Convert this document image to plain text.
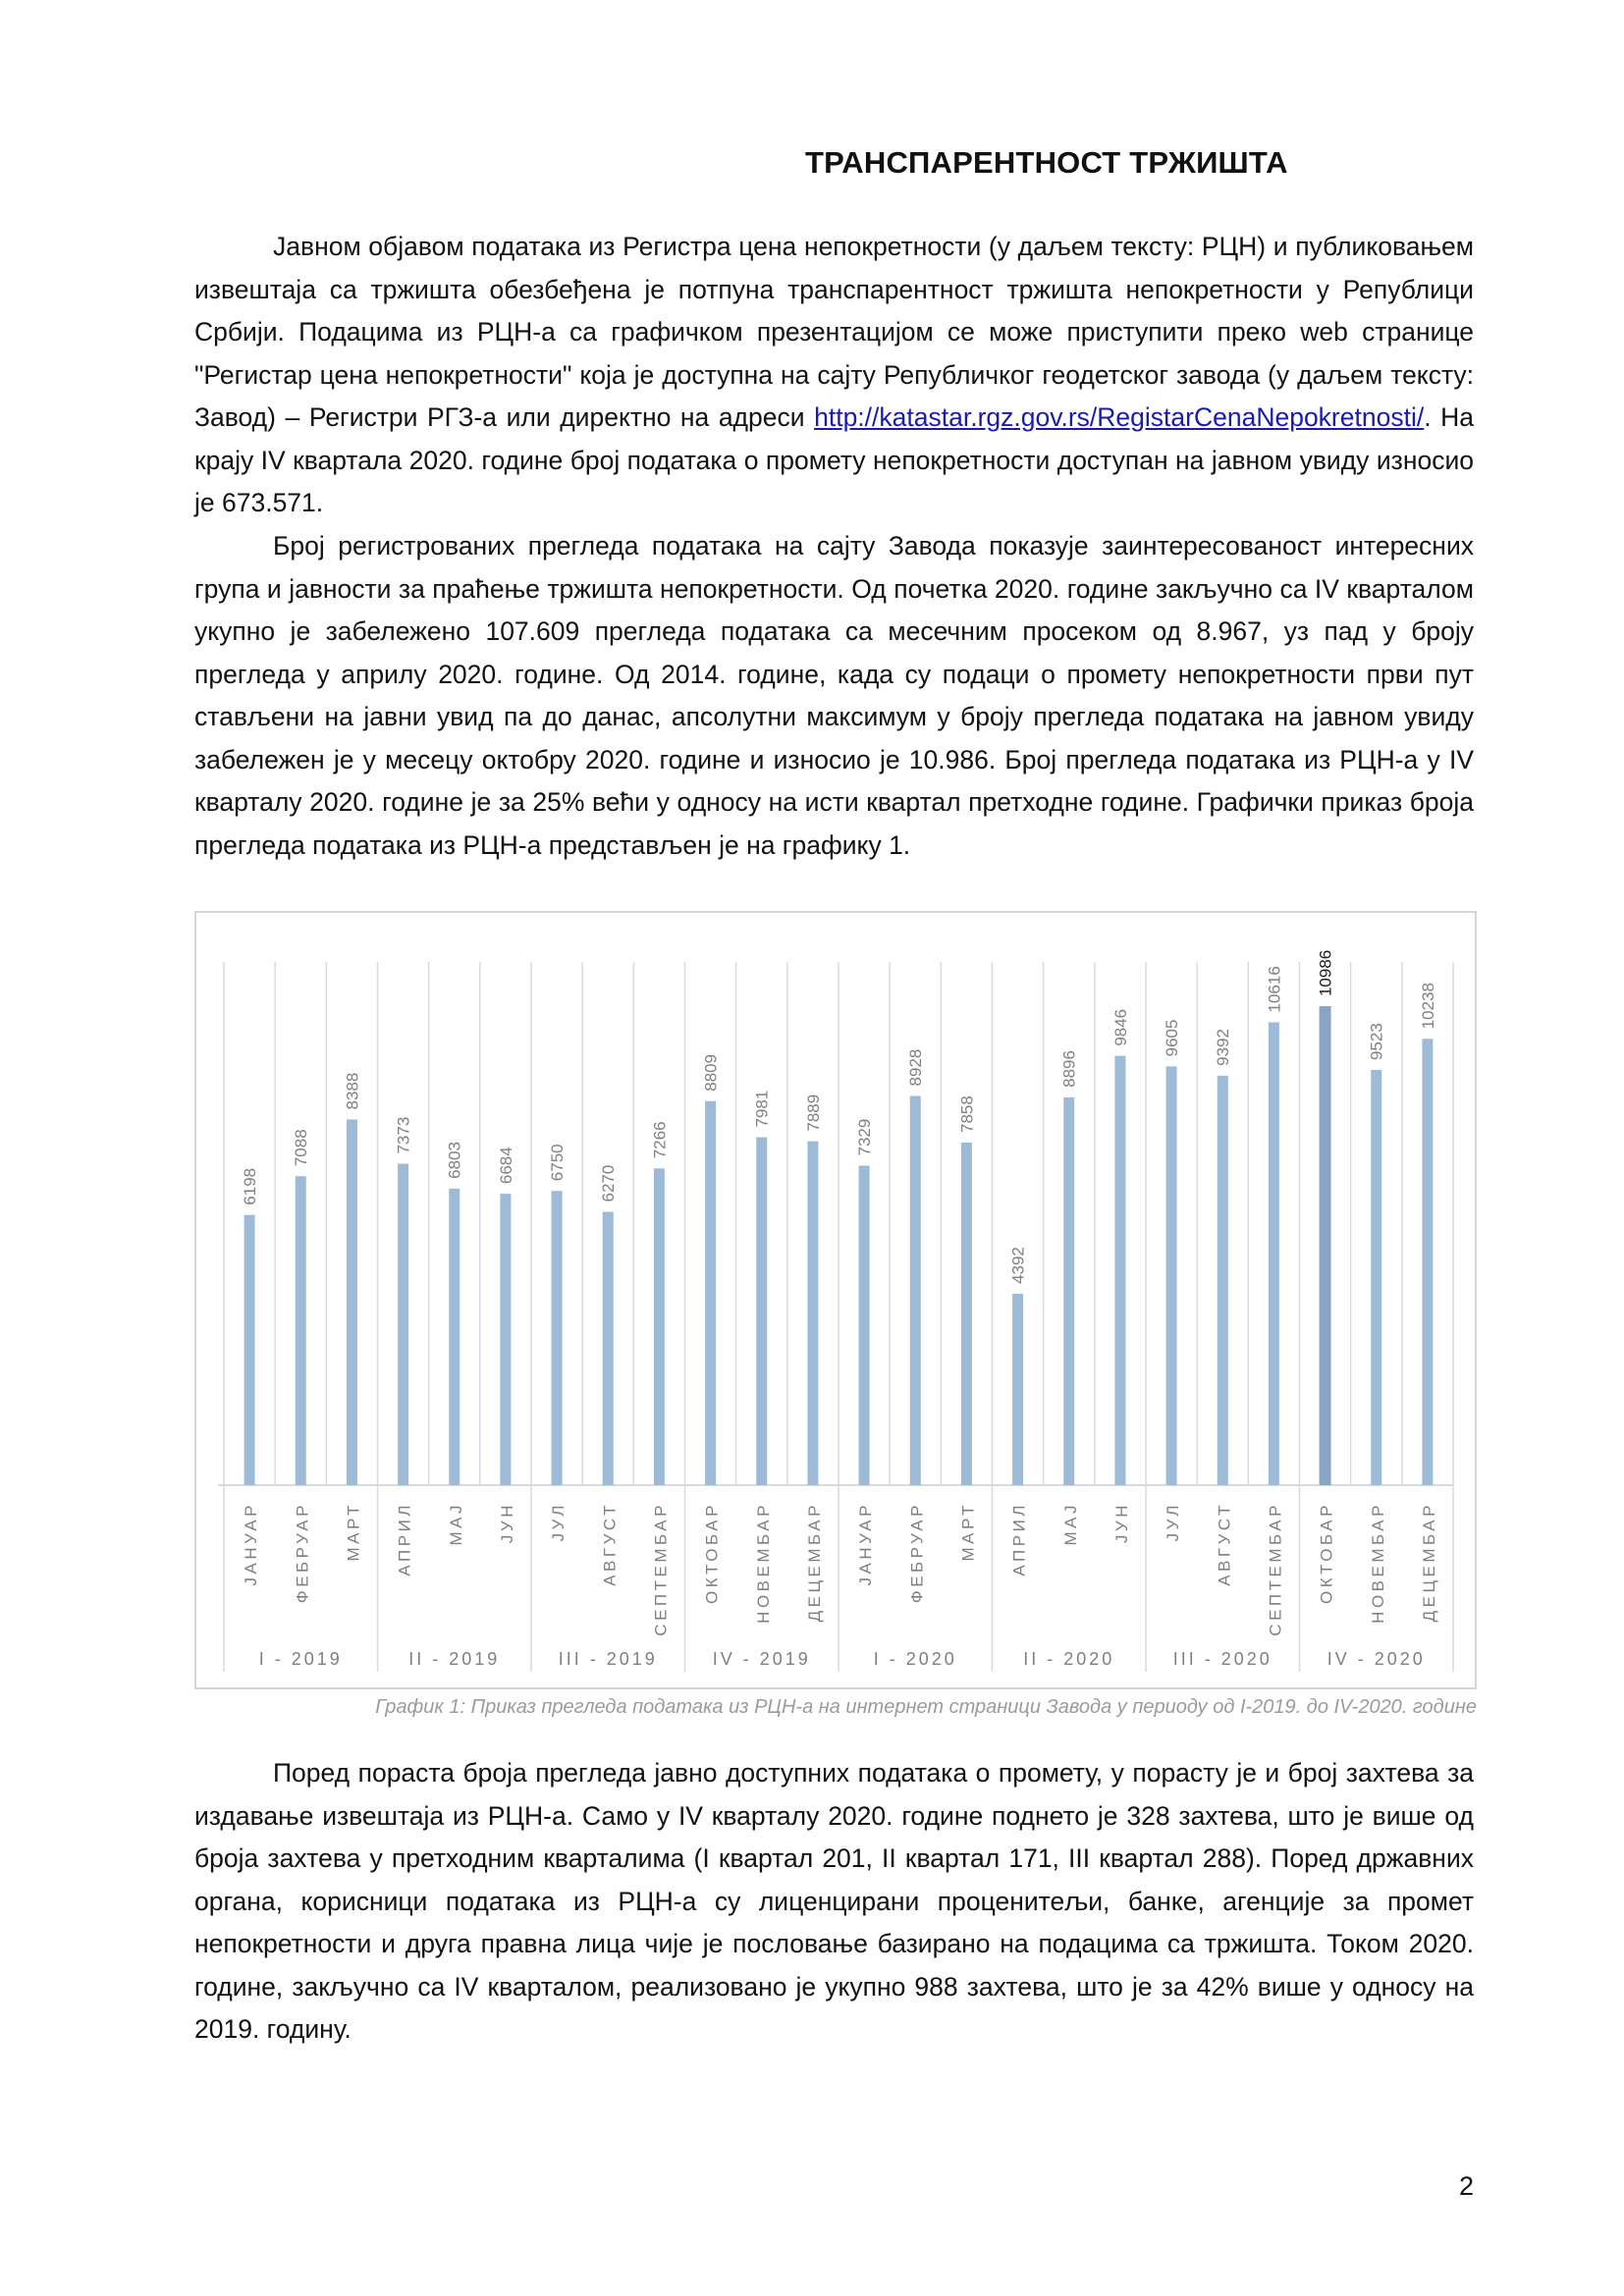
ТРАНСПАРЕНТНОСТ ТРЖИШТА

Јавном објавом података из Регистра цена непокретности (у даљем тексту: РЦН) и публиковањем извештаја са тржишта обезбеђена је потпуна транспарентност тржишта непокретности у Републици Србији. Подацима из РЦН-а са графичком презентацијом се може приступити преко web странице "Регистар цена непокретности" која је доступна на сајту Републичког геодетског завода (у даљем тексту: Завод) – Регистри РГЗ-а или директно на адреси http://katastar.rgz.gov.rs/RegistarCenaNepokretnosti/. На крају IV квартала 2020. године број података о промету непокретности доступан на јавном увиду износио је 673.571.

Број регистрованих прегледа података на сајту Завода показује заинтересованост интересних група и јавности за праћење тржишта непокретности. Од почетка 2020. године закључно са IV кварталом укупно је забележено 107.609 прегледа података са месечним просеком од 8.967, уз пад у броју прегледа у априлу 2020. године. Од 2014. године, када су подаци о промету непокретности први пут стављени на јавни увид па до данас, апсолутни максимум у броју прегледа података на јавном увиду забележен је у месецу октобру 2020. године и износио је 10.986. Број прегледа података из РЦН-а у IV кварталу 2020. године је за 25% већи у односу на исти квартал претходне године. Графички приказ броја прегледа података из РЦН-а представљен је на графику 1.

6198
ЈАНУАР
7088
ФЕБРУАР
8388
МАРТ
7373
АПРИЛ
6803
МАЈ
6684
ЈУН
6750
ЈУЛ
6270
АВГУСТ
7266
СЕПТЕМБАР
8809
ОКТОБАР
7981
НОВЕМБАР
7889
ДЕЦЕМБАР
7329
ЈАНУАР
8928
ФЕБРУАР
7858
МАРТ
4392
АПРИЛ
8896
МАЈ
9846
ЈУН
9605
ЈУЛ
9392
АВГУСТ
10616
СЕПТЕМБАР
10986
ОКТОБАР
9523
НОВЕМБАР
10238
ДЕЦЕМБАР
I - 2019	II - 2019	III - 2019	IV - 2019	I - 2020	II - 2020	III - 2020	IV - 2020

График 1: Приказ прегледа података из РЦН-а на интернет страници Завода у периоду од I-2019. до IV-2020. године

Поред пораста броја прегледа јавно доступних података о промету, у порасту је и број захтева за издавање извештаја из РЦН-а. Само у IV кварталу 2020. године поднето је 328 захтева, што је више од броја захтева у претходним кварталима (I квартал 201, II квартал 171, III квартал 288). Поред државних органа, корисници података из РЦН-а су лиценцирани проценитељи, банке, агенције за промет непокретности и друга правна лица чије је пословање базирано на подацима са тржишта. Током 2020. године, закључно са IV кварталом, реализовано је укупно 988 захтева, што је за 42% више у односу на 2019. годину.

2
